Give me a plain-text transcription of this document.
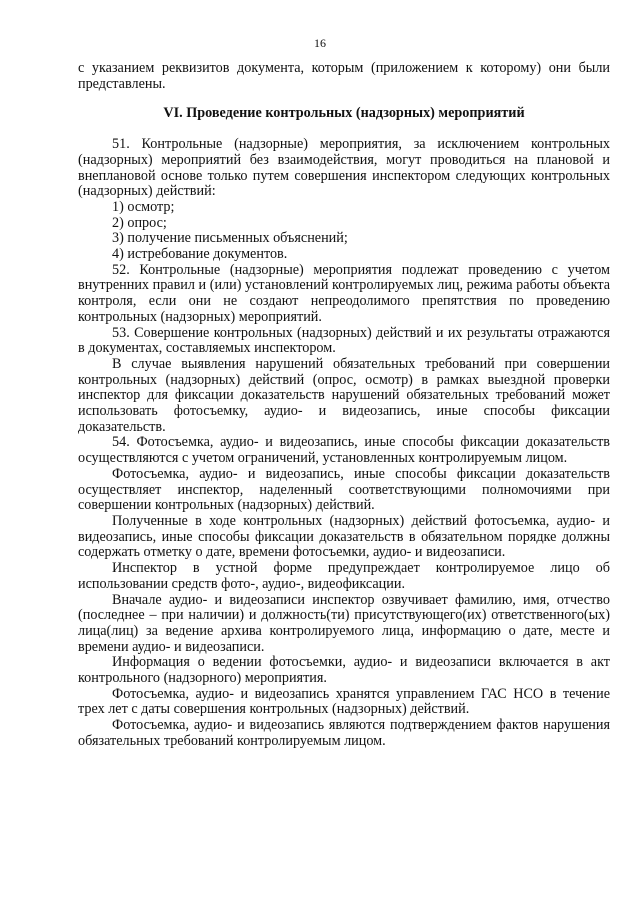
16

с указанием реквизитов документа, которым (приложением к которому) они были представлены.

VI. Проведение контрольных (надзорных) мероприятий

51. Контрольные (надзорные) мероприятия, за исключением контрольных (надзорных) мероприятий без взаимодействия, могут проводиться на плановой и внеплановой основе только путем совершения инспектором следующих контрольных (надзорных) действий:

1) осмотр;

2) опрос;

3) получение письменных объяснений;

4) истребование документов.

52. Контрольные (надзорные) мероприятия подлежат проведению с учетом внутренних правил и (или) установлений контролируемых лиц, режима работы объекта контроля, если они не создают непреодолимого препятствия по проведению контрольных (надзорных) мероприятий.

53. Совершение контрольных (надзорных) действий и их результаты отражаются в документах, составляемых инспектором.

В случае выявления нарушений обязательных требований при совершении контрольных (надзорных) действий (опрос, осмотр) в рамках выездной проверки инспектор для фиксации доказательств нарушений обязательных требований может использовать фотосъемку, аудио- и видеозапись, иные способы фиксации доказательств.

54. Фотосъемка, аудио- и видеозапись, иные способы фиксации доказательств осуществляются с учетом ограничений, установленных контролируемым лицом.

Фотосъемка, аудио- и видеозапись, иные способы фиксации доказательств осуществляет инспектор, наделенный соответствующими полномочиями при совершении контрольных (надзорных) действий.

Полученные в ходе контрольных (надзорных) действий фотосъемка, аудио- и видеозапись, иные способы фиксации доказательств в обязательном порядке должны содержать отметку о дате, времени фотосъемки, аудио- и видеозаписи.

Инспектор в устной форме предупреждает контролируемое лицо об использовании средств фото-, аудио-, видеофиксации.

Вначале аудио- и видеозаписи инспектор озвучивает фамилию, имя, отчество (последнее – при наличии) и должность(ти) присутствующего(их) ответственного(ых) лица(лиц) за ведение архива контролируемого лица, информацию о дате, месте и времени аудио- и видеозаписи.

Информация о ведении фотосъемки, аудио- и видеозаписи включается в акт контрольного (надзорного) мероприятия.

Фотосъемка, аудио- и видеозапись хранятся управлением ГАС НСО в течение трех лет с даты совершения контрольных (надзорных) действий.

Фотосъемка, аудио- и видеозапись являются подтверждением фактов нарушения обязательных требований контролируемым лицом.
